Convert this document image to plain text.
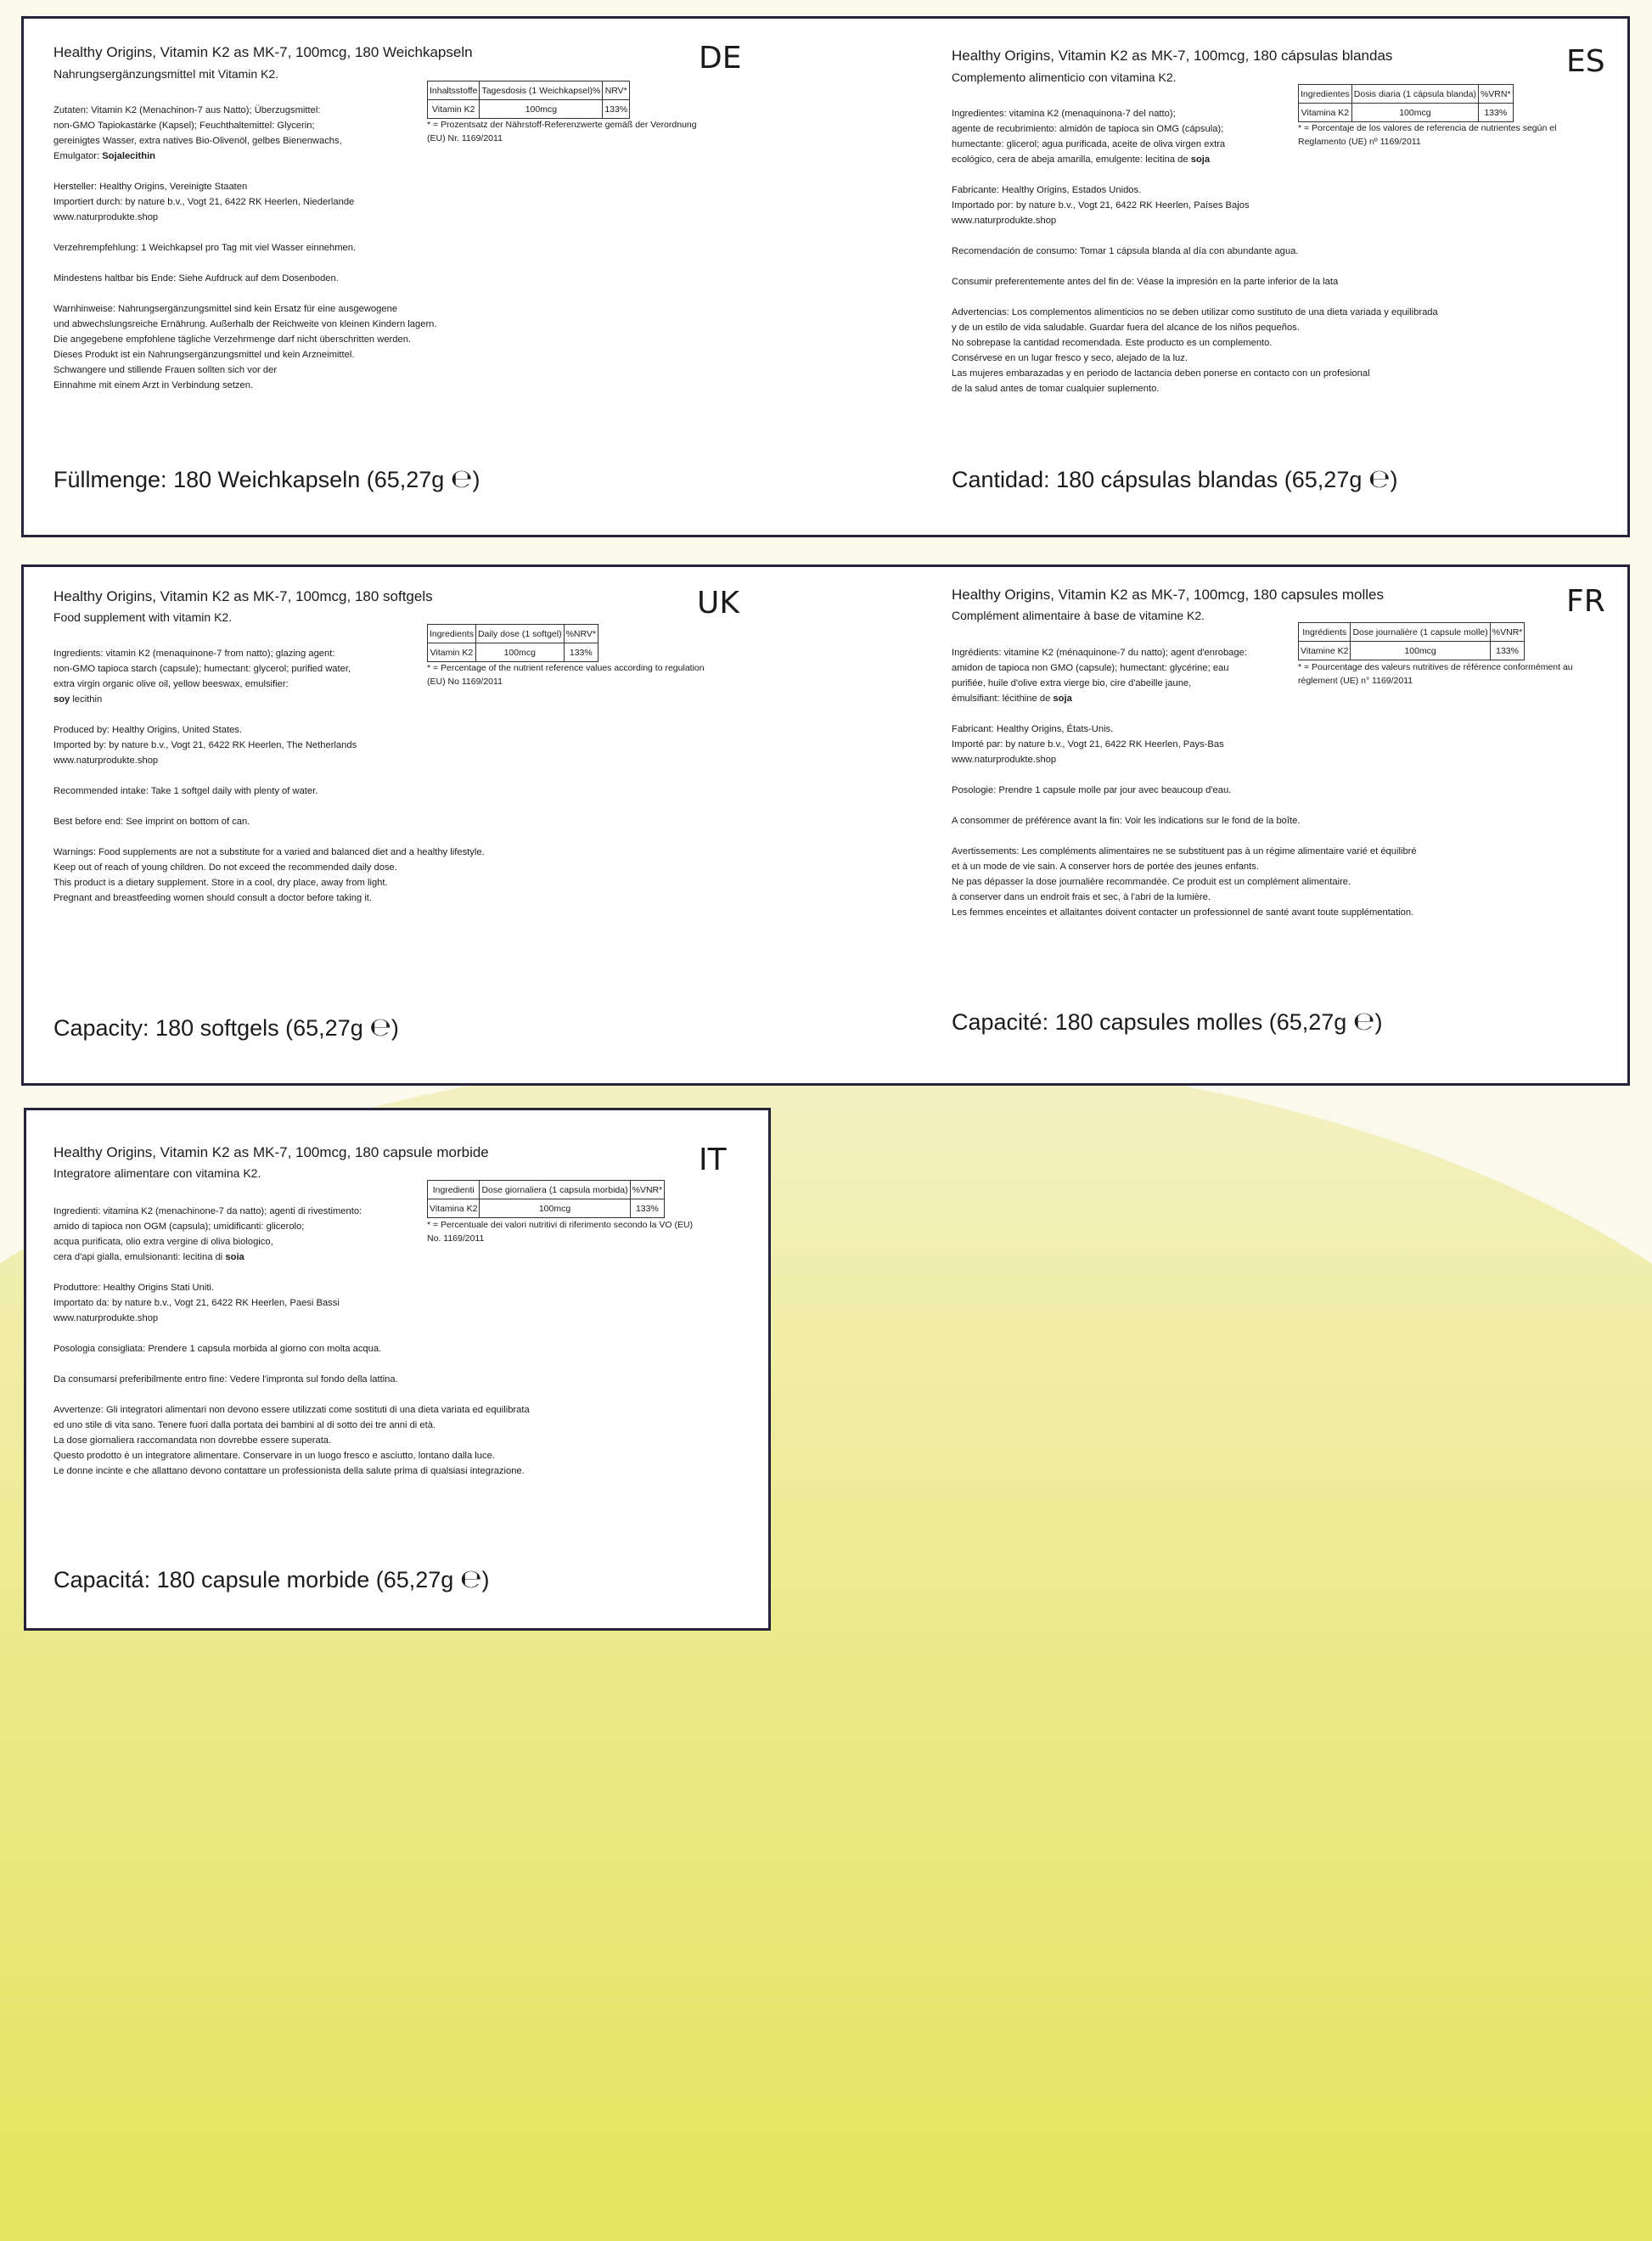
Healthy Origins, Vitamin K2 as MK-7, 100mcg, 180 Weichkapseln
Nahrungsergänzungsmittel mit Vitamin K2.	DE
Inhaltsstoffe	Tagesdosis (1 Weichkapsel)%	NRV*
Vitamin K2	100mcg	133%
* = Prozentsatz der Nährstoff-Referenzwerte gemäß der Verordnung (EU) Nr. 1169/2011

Zutaten: Vitamin K2 (Menachinon-7 aus Natto); Überzugsmittel:
non-GMO Tapiokastärke (Kapsel); Feuchthaltemittel: Glycerin;
gereinigtes Wasser, extra natives Bio-Olivenöl, gelbes Bienenwachs,
Emulgator: Sojalecithin

Hersteller: Healthy Origins, Vereinigte Staaten
Importiert durch: by nature b.v., Vogt 21, 6422 RK Heerlen, Niederlande
www.naturprodukte.shop

Verzehrempfehlung: 1 Weichkapsel pro Tag mit viel Wasser einnehmen.

Mindestens haltbar bis Ende: Siehe Aufdruck auf dem Dosenboden.

Warnhinweise: Nahrungsergänzungsmittel sind kein Ersatz für eine ausgewogene
und abwechslungsreiche Ernährung. Außerhalb der Reichweite von kleinen Kindern lagern.
Die angegebene empfohlene tägliche Verzehrmenge darf nicht überschritten werden.
Dieses Produkt ist ein Nahrungsergänzungsmittel und kein Arzneimittel.
Schwangere und stillende Frauen sollten sich vor der
Einnahme mit einem Arzt in Verbindung setzen.

Füllmenge: 180 Weichkapseln (65,27g ℮)
Healthy Origins, Vitamin K2 as MK-7, 100mcg, 180 cápsulas blandas
Complemento alimenticio con vitamina K2.	ES
Ingredientes	Dosis diaria (1 cápsula blanda)	%VRN*
Vitamina K2	100mcg	133%
* = Porcentaje de los valores de referencia de nutrientes según el Reglamento (UE) nº 1169/2011

Ingredientes: vitamina K2 (menaquinona-7 del natto);
agente de recubrimiento: almidón de tapioca sin OMG (cápsula);
humectante: glicerol; agua purificada, aceite de oliva virgen extra
ecológico, cera de abeja amarilla, emulgente: lecitina de soja

Fabricante: Healthy Origins, Estados Unidos.
Importado por: by nature b.v., Vogt 21, 6422 RK Heerlen, Países Bajos
www.naturprodukte.shop

Recomendación de consumo: Tomar 1 cápsula blanda al día con abundante agua.

Consumir preferentemente antes del fin de: Véase la impresión en la parte inferior de la lata

Advertencias: Los complementos alimenticios no se deben utilizar como sustituto de una dieta variada y equilibrada
y de un estilo de vida saludable. Guardar fuera del alcance de los niños pequeños.
No sobrepase la cantidad recomendada. Este producto es un complemento.
Consérvese en un lugar fresco y seco, alejado de la luz.
Las mujeres embarazadas y en periodo de lactancia deben ponerse en contacto con un profesional
de la salud antes de tomar cualquier suplemento.

Cantidad: 180 cápsulas blandas (65,27g ℮)
Healthy Origins, Vitamin K2 as MK-7, 100mcg, 180 softgels
Food supplement with vitamin K2.	UK
Ingredients	Daily dose (1 softgel)	%NRV*
Vitamin K2	100mcg	133%
* = Percentage of the nutrient reference values according to regulation (EU) No 1169/2011

Ingredients: vitamin K2 (menaquinone-7 from natto); glazing agent:
non-GMO tapioca starch (capsule); humectant: glycerol; purified water,
extra virgin organic olive oil, yellow beeswax, emulsifier:
soy lecithin

Produced by: Healthy Origins, United States.
Imported by: by nature b.v., Vogt 21, 6422 RK Heerlen, The Netherlands
www.naturprodukte.shop

Recommended intake: Take 1 softgel daily with plenty of water.

Best before end: See imprint on bottom of can.

Warnings: Food supplements are not a substitute for a varied and balanced diet and a healthy lifestyle.
Keep out of reach of young children. Do not exceed the recommended daily dose.
This product is a dietary supplement. Store in a cool, dry place, away from light.
Pregnant and breastfeeding women should consult a doctor before taking it.

Capacity: 180 softgels (65,27g ℮)
Healthy Origins, Vitamin K2 as MK-7, 100mcg, 180 capsules molles
Complément alimentaire à base de vitamine K2.	FR
Ingrédients	Dose journalière (1 capsule molle)	%VNR*
Vitamine K2	100mcg	133%
* = Pourcentage des valeurs nutritives de référence conformément au règlement (UE) n° 1169/2011

Ingrédients: vitamine K2 (ménaquinone-7 du natto); agent d'enrobage:
amidon de tapioca non GMO (capsule); humectant: glycérine; eau
purifiée, huile d'olive extra vierge bio, cire d'abeille jaune,
émulsifiant: lécithine de soja

Fabricant: Healthy Origins, États-Unis.
Importé par: by nature b.v., Vogt 21, 6422 RK Heerlen, Pays-Bas
www.naturprodukte.shop

Posologie: Prendre 1 capsule molle par jour avec beaucoup d'eau.

A consommer de préférence avant la fin: Voir les indications sur le fond de la boîte.

Avertissements: Les compléments alimentaires ne se substituent pas à un régime alimentaire varié et équilibré
et à un mode de vie sain. A conserver hors de portée des jeunes enfants.
Ne pas dépasser la dose journalière recommandée. Ce produit est un complément alimentaire.
à conserver dans un endroit frais et sec, à l'abri de la lumière.
Les femmes enceintes et allaitantes doivent contacter un professionnel de santé avant toute supplémentation.

Capacité: 180 capsules molles (65,27g ℮)
Healthy Origins, Vitamin K2 as MK-7, 100mcg, 180 capsule morbide
Integratore alimentare con vitamina K2.	IT
Ingredienti	Dose giornaliera (1 capsula morbida)	%VNR*
Vitamina K2	100mcg	133%
* = Percentuale dei valori nutritivi di riferimento secondo la VO (EU) No. 1169/2011

Ingredienti: vitamina K2 (menachinone-7 da natto); agenti di rivestimento:
amido di tapioca non OGM (capsula); umidificanti: glicerolo;
acqua purificata, olio extra vergine di oliva biologico,
cera d'api gialla, emulsionanti: lecitina di soia

Produttore: Healthy Origins Stati Uniti.
Importato da: by nature b.v., Vogt 21, 6422 RK Heerlen, Paesi Bassi
www.naturprodukte.shop

Posologia consigliata: Prendere 1 capsula morbida al giorno con molta acqua.

Da consumarsi preferibilmente entro fine: Vedere l'impronta sul fondo della lattina.

Avvertenze: Gli integratori alimentari non devono essere utilizzati come sostituti di una dieta variata ed equilibrata
ed uno stile di vita sano. Tenere fuori dalla portata dei bambini al di sotto dei tre anni di età.
La dose giornaliera raccomandata non dovrebbe essere superata.
Questo prodotto è un integratore alimentare. Conservare in un luogo fresco e asciutto, lontano dalla luce.
Le donne incinte e che allattano devono contattare un professionista della salute prima di qualsiasi integrazione.

Capacitá: 180 capsule morbide (65,27g ℮)
